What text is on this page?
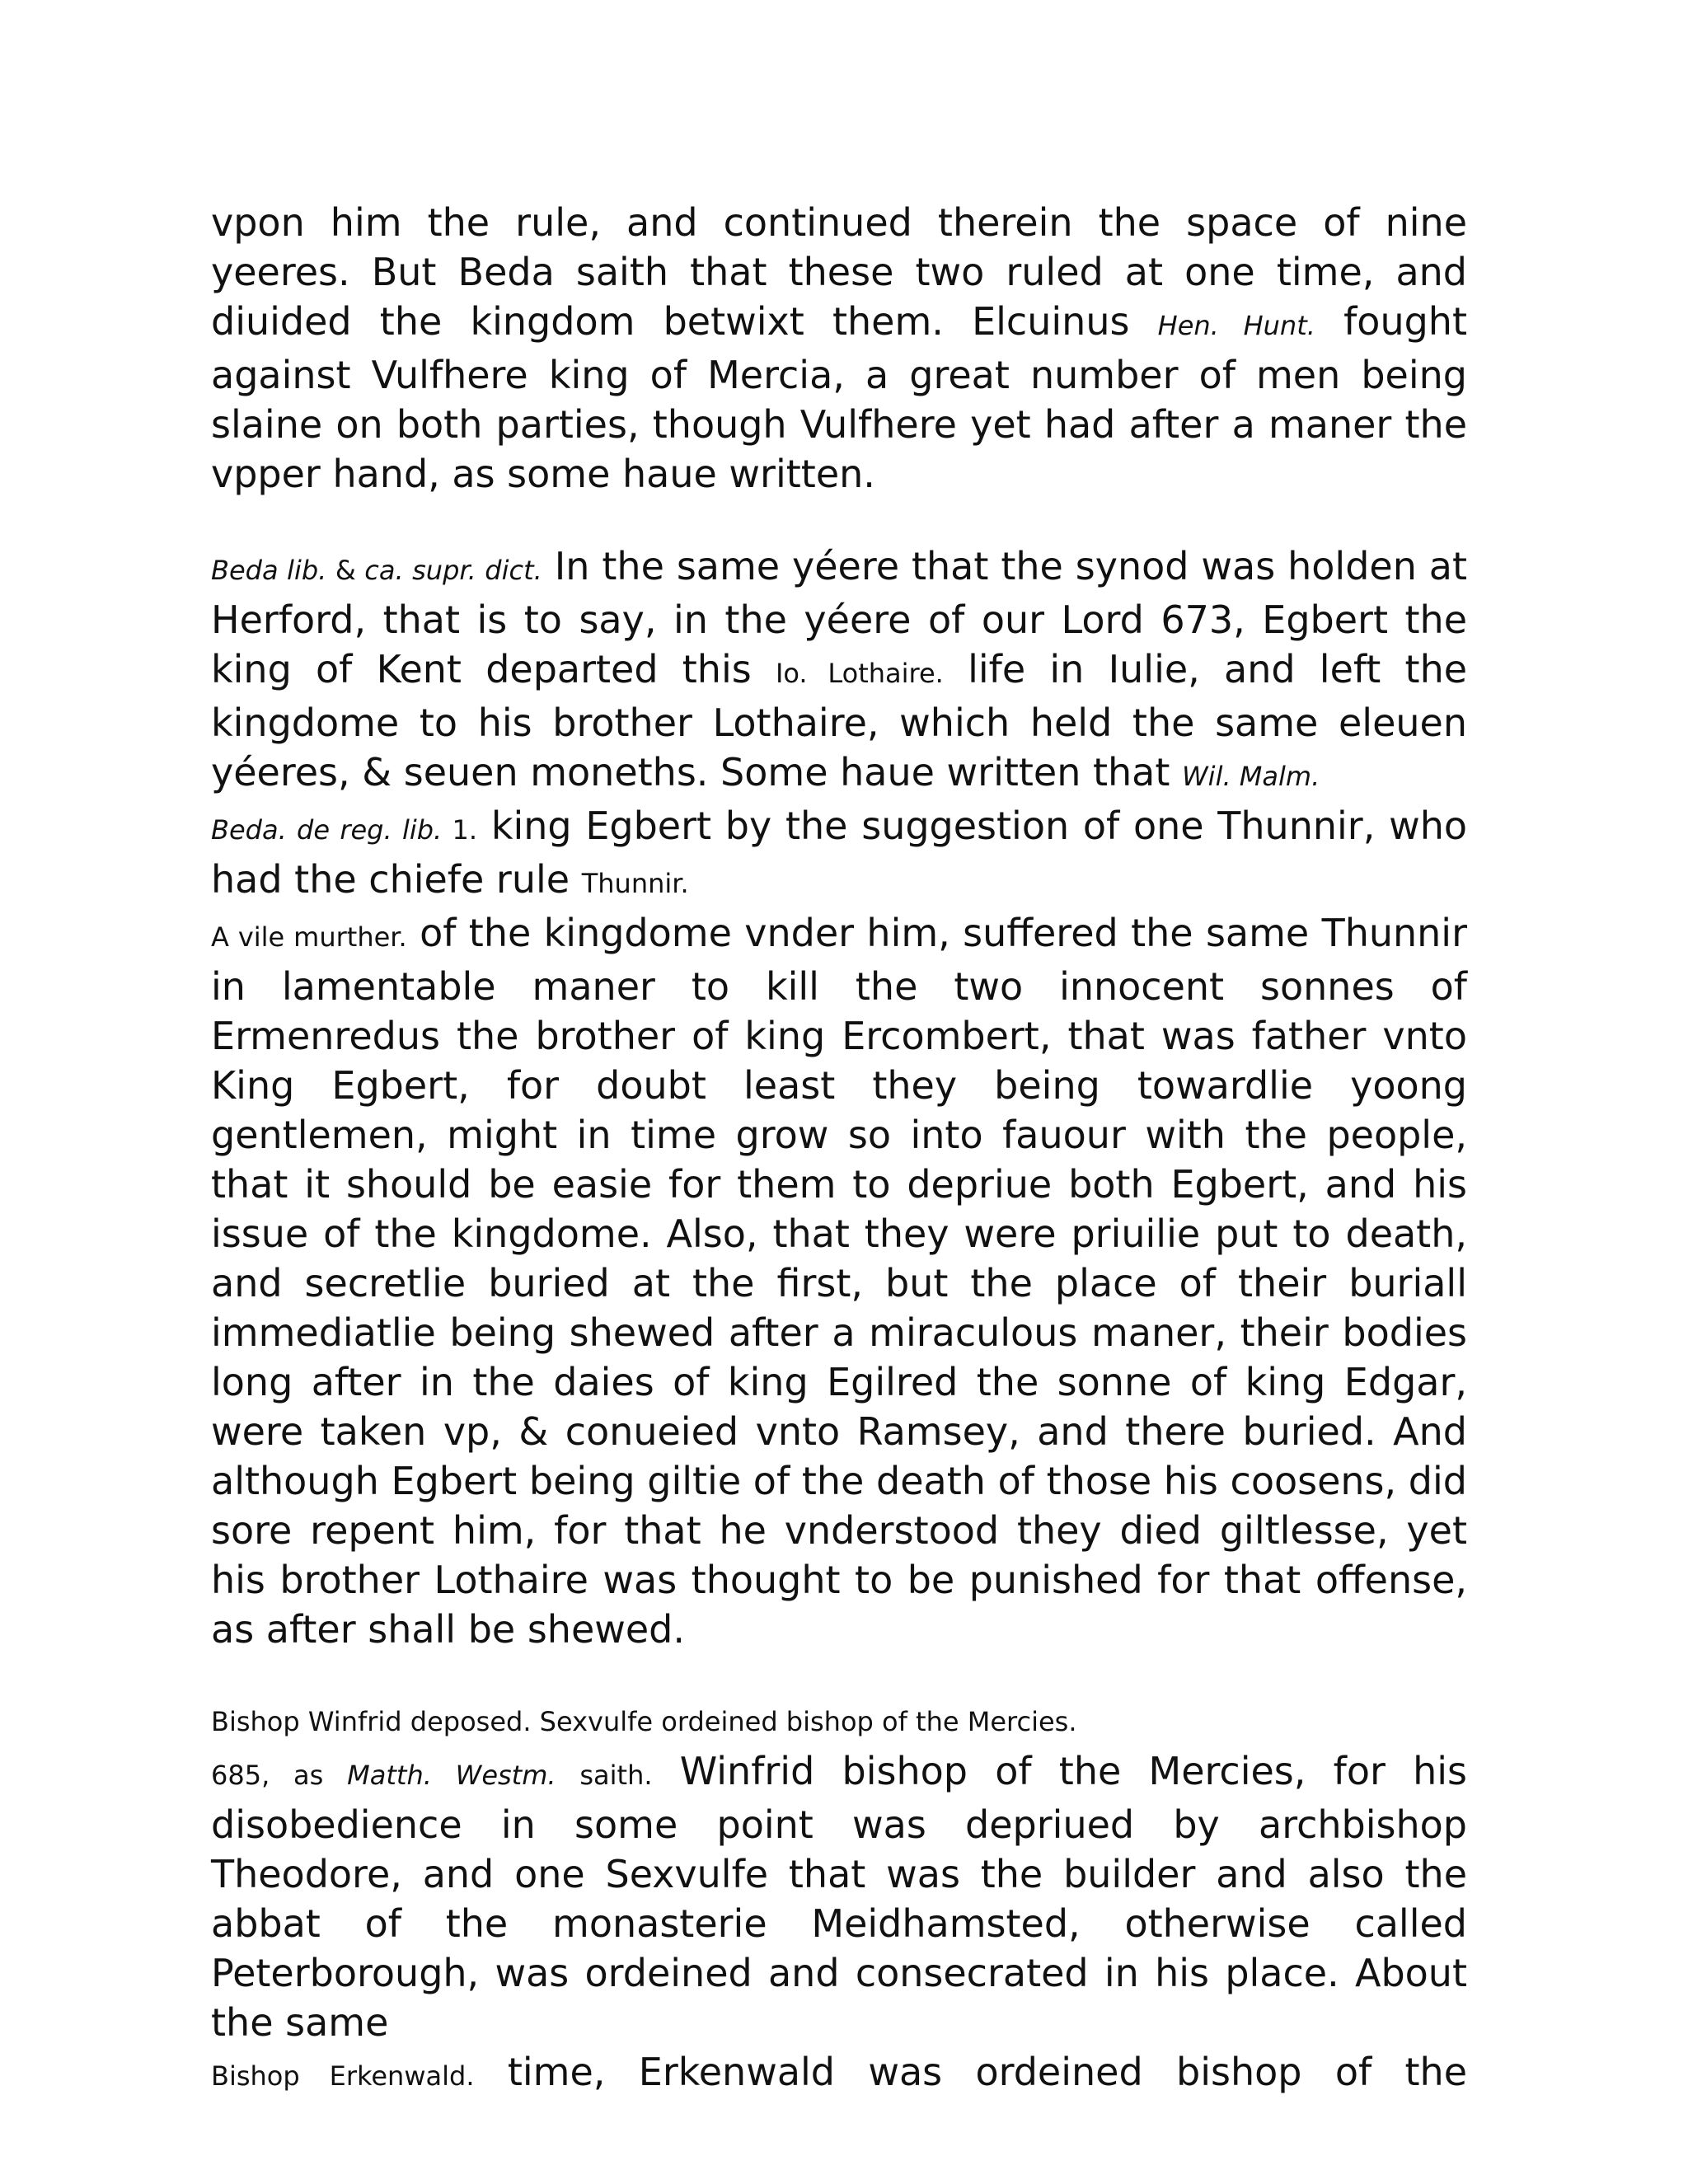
vpon him the rule, and continued therein the space of nine yeeres. But Beda saith that these two ruled at one time, and diuided the kingdom betwixt them. Elcuinus Hen. Hunt. fought against Vulfhere king of Mercia, a great number of men being slaine on both parties, though Vulfhere yet had after a maner the vpper hand, as some haue written.

Beda lib. & ca. supr. dict. In the same yéere that the synod was holden at Herford, that is to say, in the yéere of our Lord 673, Egbert the king of Kent departed this Io. Lothaire. life in Iulie, and left the kingdome to his brother Lothaire, which held the same eleuen yéeres, & seuen moneths. Some haue written that Wil. Malm.

Beda. de reg. lib. 1. king Egbert by the suggestion of one Thunnir, who had the chiefe rule Thunnir.

A vile murther. of the kingdome vnder him, suffered the same Thunnir in lamentable maner to kill the two innocent sonnes of Ermenredus the brother of king Ercombert, that was father vnto King Egbert, for doubt least they being towardlie yoong gentlemen, might in time grow so into fauour with the people, that it should be easie for them to depriue both Egbert, and his issue of the kingdome. Also, that they were priuilie put to death, and secretlie buried at the first, but the place of their buriall immediatlie being shewed after a miraculous maner, their bodies long after in the daies of king Egilred the sonne of king Edgar, were taken vp, & conueied vnto Ramsey, and there buried. And although Egbert being giltie of the death of those his coosens, did sore repent him, for that he vnderstood they died giltlesse, yet his brother Lothaire was thought to be punished for that offense, as after shall be shewed.

Bishop Winfrid deposed. Sexvulfe ordeined bishop of the Mercies.

685, as Matth. Westm. saith. Winfrid bishop of the Mercies, for his disobedience in some point was depriued by archbishop Theodore, and one Sexvulfe that was the builder and also the abbat of the monasterie Meidhamsted, otherwise called Peterborough, was ordeined and consecrated in his place. About the same

Bishop Erkenwald. time, Erkenwald was ordeined bishop of the
